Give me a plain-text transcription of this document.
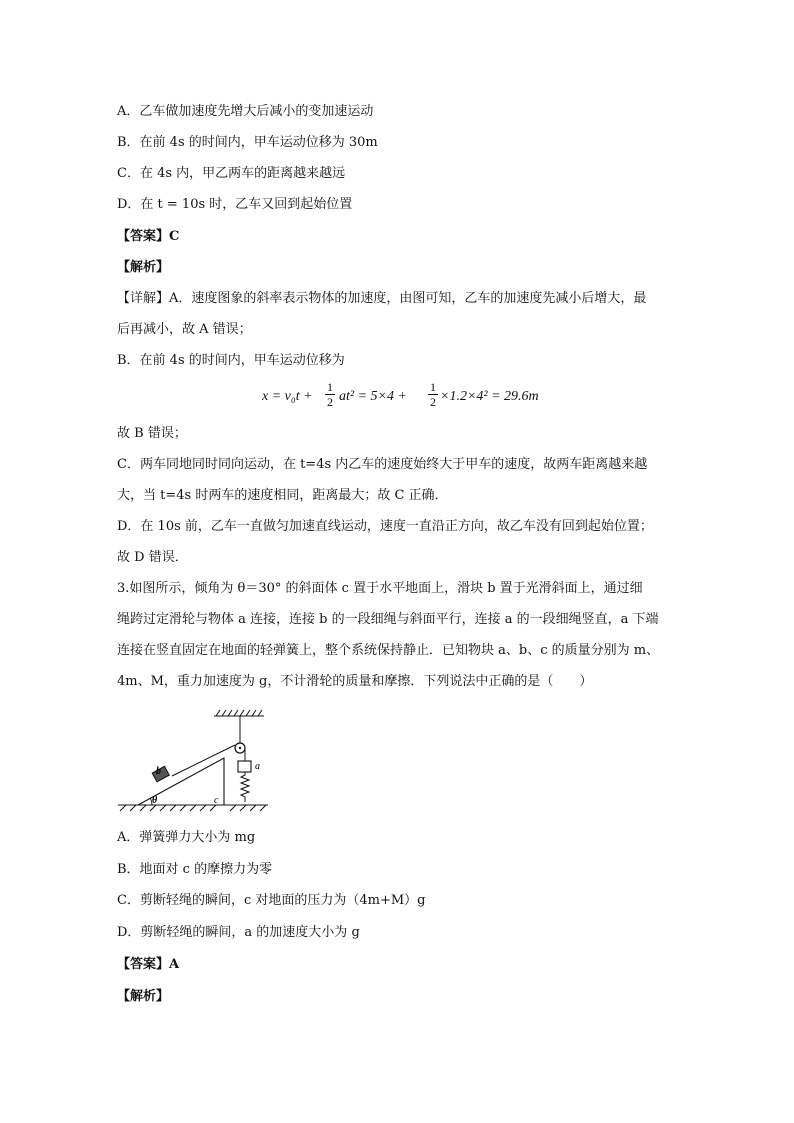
A．乙车做加速度先增大后减小的变加速运动
B．在前 4s 的时间内，甲车运动位移为 30m
C．在 4s 内，甲乙两车的距离越来越远
D．在 t = 10s 时，乙车又回到起始位置
【答案】C
【解析】
【详解】A．速度图象的斜率表示物体的加速度，由图可知，乙车的加速度先减小后增大，最
后再减小，故 A 错误；
B．在前 4s 的时间内，甲车运动位移为
$x = v_0t + \frac{1}{2} at^2 = 5\times 4 + \frac{1}{2} \times 1.2\times 4^2 = 29.6m$
故 B 错误；
C．两车同地同时同向运动，在 t=4s 内乙车的速度始终大于甲车的速度，故两车距离越来越
大，当 t=4s 时两车的速度相同，距离最大；故 C 正确．
D．在 10s 前，乙车一直做匀加速直线运动，速度一直沿正方向，故乙车没有回到起始位置；
故 D 错误．
3.如图所示，倾角为 θ＝30° 的斜面体 c 置于水平地面上，滑块 b 置于光滑斜面上，通过细
绳跨过定滑轮与物体 a 连接，连接 b 的一段细绳与斜面平行，连接 a 的一段细绳竖直，a 下端
连接在竖直固定在地面的轻弹簧上，整个系统保持静止．已知物块 a、b、c 的质量分别为 m、
4m、M，重力加速度为 g，不计滑轮的质量和摩擦．下列说法中正确的是（　　）
b	a
c
θ
A．弹簧弹力大小为 mg
B．地面对 c 的摩擦力为零
C．剪断轻绳的瞬间，c 对地面的压力为（4m+M）g
D．剪断轻绳的瞬间，a 的加速度大小为 g
【答案】A
【解析】
